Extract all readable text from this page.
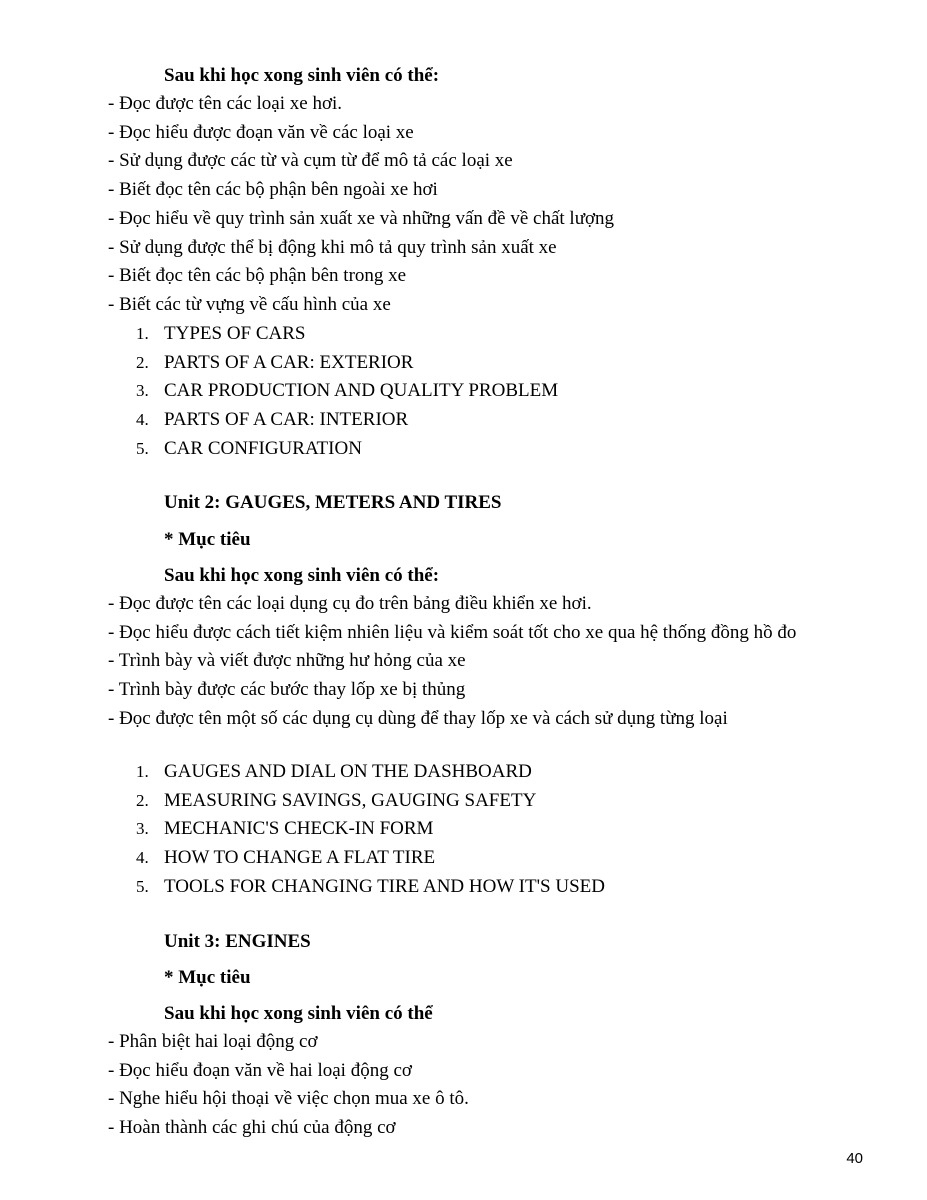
Sau khi học xong sinh viên có thể:
- Đọc được tên các loại xe hơi.
- Đọc hiểu được đoạn văn về các loại xe
- Sử dụng được các từ và cụm từ để mô tả các loại xe
- Biết đọc tên các bộ phận bên ngoài xe hơi
- Đọc hiểu về quy trình sản xuất xe và những vấn đề về chất lượng
- Sử dụng được thể bị động khi mô tả quy trình sản xuất xe
- Biết đọc tên các bộ phận bên trong xe
- Biết các từ vựng về cấu hình của xe
1. TYPES OF CARS
2. PARTS OF A CAR: EXTERIOR
3. CAR PRODUCTION AND QUALITY PROBLEM
4. PARTS OF A CAR: INTERIOR
5. CAR CONFIGURATION
Unit 2: GAUGES, METERS AND TIRES
* Mục tiêu
Sau khi học xong sinh viên có thể:
- Đọc được tên các loại dụng cụ đo trên bảng điều khiển xe hơi.
- Đọc hiểu được cách tiết kiệm nhiên liệu và kiểm soát tốt cho xe qua hệ thống đồng hồ đo
- Trình bày và viết được những hư hỏng của xe
- Trình bày được các bước thay lốp xe bị thủng
- Đọc được tên một số các dụng cụ dùng để thay lốp xe và cách sử dụng từng loại
1. GAUGES AND DIAL ON THE DASHBOARD
2. MEASURING SAVINGS, GAUGING SAFETY
3. MECHANIC'S CHECK-IN FORM
4. HOW TO CHANGE A FLAT TIRE
5. TOOLS FOR CHANGING TIRE AND HOW IT'S USED
Unit 3: ENGINES
* Mục tiêu
Sau khi học xong sinh viên có thể
- Phân biệt hai loại động cơ
- Đọc hiểu đoạn văn về hai loại động cơ
- Nghe hiểu hội thoại về việc chọn mua xe ô tô.
- Hoàn thành các ghi chú của động cơ
40
